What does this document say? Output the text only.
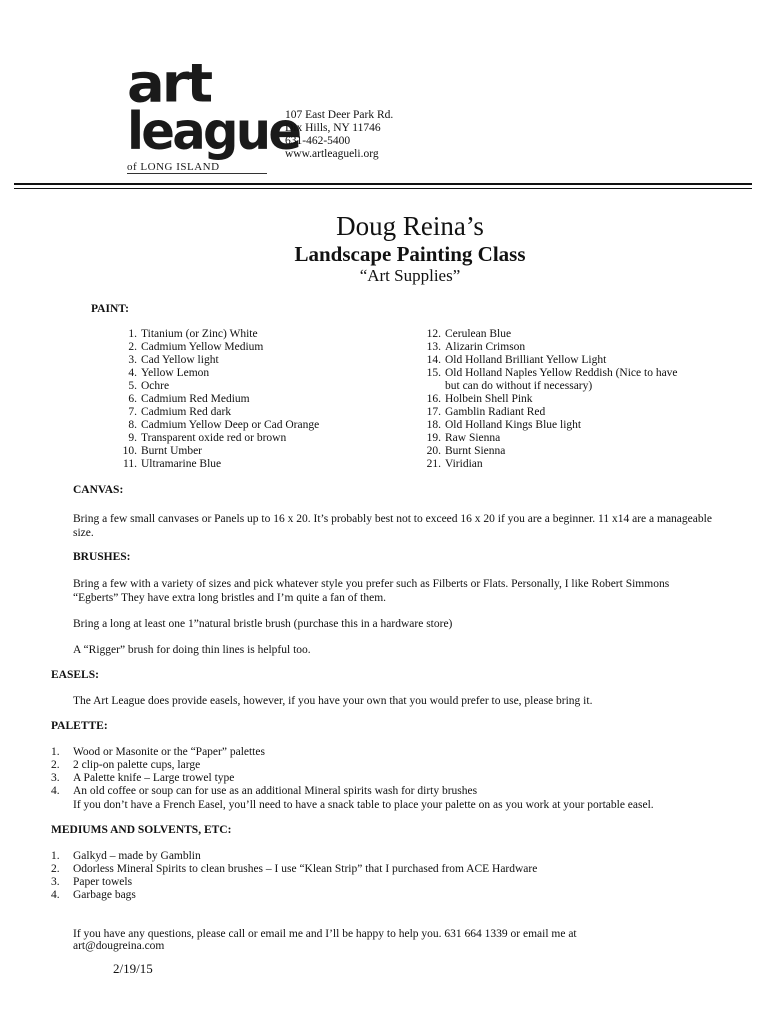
art
league
of LONG ISLAND
107 East Deer Park Rd.
Dix Hills, NY 11746
631-462-5400
www.artleagueli.org
Doug Reina’s
Landscape Painting Class
“Art Supplies”
PAINT:
1. Titanium (or Zinc) White
2. Cadmium Yellow Medium
3. Cad Yellow light
4. Yellow Lemon
5. Ochre
6. Cadmium Red Medium
7. Cadmium Red dark
8. Cadmium Yellow Deep or Cad Orange
9. Transparent oxide red or brown
10. Burnt Umber
11. Ultramarine Blue
12. Cerulean Blue
13. Alizarin Crimson
14. Old Holland Brilliant Yellow Light
15. Old Holland Naples Yellow Reddish (Nice to have
but can do without if necessary)
16. Holbein Shell Pink
17. Gamblin Radiant Red
18. Old Holland Kings Blue light
19. Raw Sienna
20. Burnt Sienna
21. Viridian
CANVAS:
Bring a few small canvases or Panels up to 16 x 20. It’s probably best not to exceed 16 x 20 if you are a beginner. 11 x14 are a manageable size.
BRUSHES:
Bring a few with a variety of sizes and pick whatever style you prefer such as Filberts or Flats. Personally, I like Robert Simmons “Egberts” They have extra long bristles and I’m quite a fan of them.
Bring a long at least one 1”natural bristle brush (purchase this in a hardware store)
A “Rigger” brush for doing thin lines is helpful too.
EASELS:
The Art League does provide easels, however, if you have your own that you would prefer to use, please bring it.
PALETTE:
1. Wood or Masonite or the “Paper” palettes
2. 2 clip-on palette cups, large
3. A Palette knife – Large trowel type
4. An old coffee or soup can for use as an additional Mineral spirits wash for dirty brushes
If you don’t have a French Easel, you’ll need to have a snack table to place your palette on as you work at your portable easel.
MEDIUMS AND SOLVENTS, ETC:
1. Galkyd – made by Gamblin
2. Odorless Mineral Spirits to clean brushes – I use “Klean Strip” that I purchased from ACE Hardware
3. Paper towels
4. Garbage bags
If you have any questions, please call or email me and I’ll be happy to help you. 631 664 1339 or email me at art@dougreina.com
2/19/15
